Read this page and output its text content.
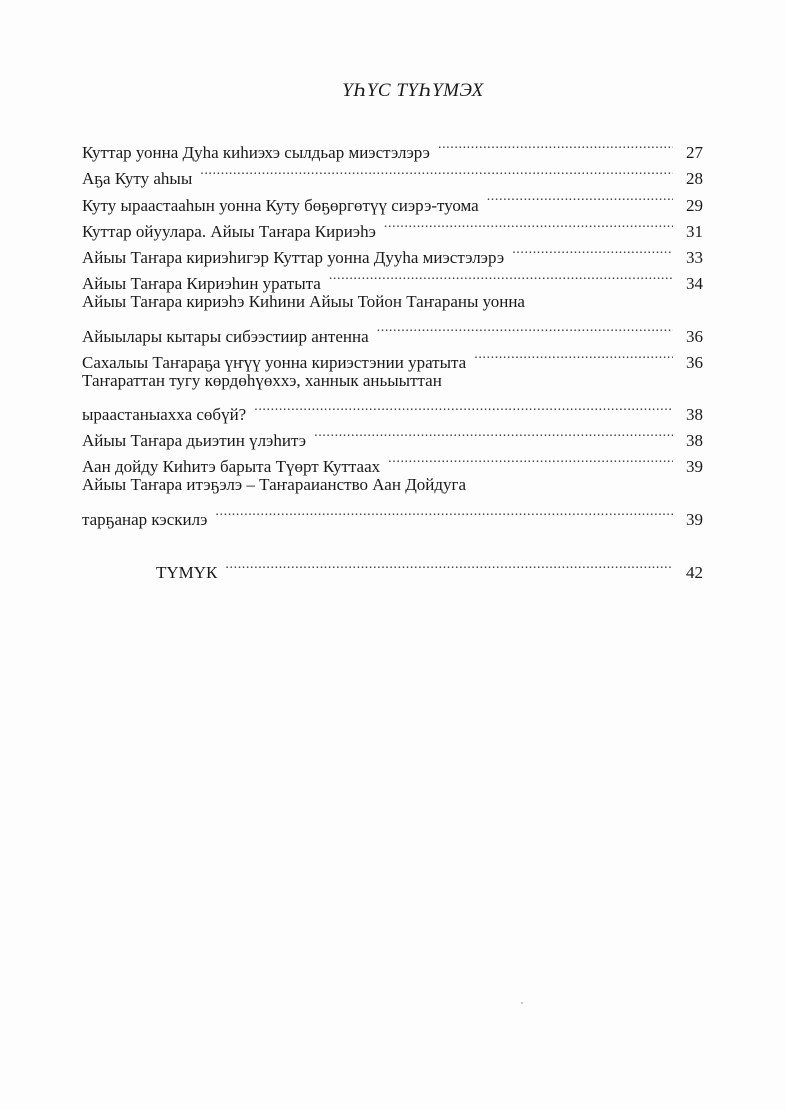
ҮҺҮС ТҮҺҮМЭХ
Куттар уонна Дуһа киһиэхэ сылдьар миэстэлэрэ .....	27
Аҕа Куту аһыы .....	28
Куту ыраастааһын уонна Куту бөҕөргөтүү сиэрэ-туома .....	29
Куттар ойуулара. Айыы Таҥара Кириэһэ .....	31
Айыы Таҥара кириэһигэр Куттар уонна Дууһа миэстэлэрэ .....	33
Айыы Таҥара Кириэһин уратыта .....	34
Айыы Таҥара кириэһэ Киһини Айыы Тойон Таҥараны уонна
Айыылары кытары сибээстиир антенна .....	36
Сахалыы Таҥараҕа үҥүү уонна кириэстэнии уратыта .....	36
Таҥараттан тугу көрдөһүөххэ, ханнык аньыыттан
ыраастаныахха сөбүй? .....	38
Айыы Таҥара дьиэтин үлэһитэ .....	38
Аан дойду Киһитэ барыта Түөрт Куттаах .....	39
Айыы Таҥара итэҕэлэ – Таҥараианство Аан Дойдуга
тарҕанар кэскилэ .....	39
ТҮМҮК .....	42
